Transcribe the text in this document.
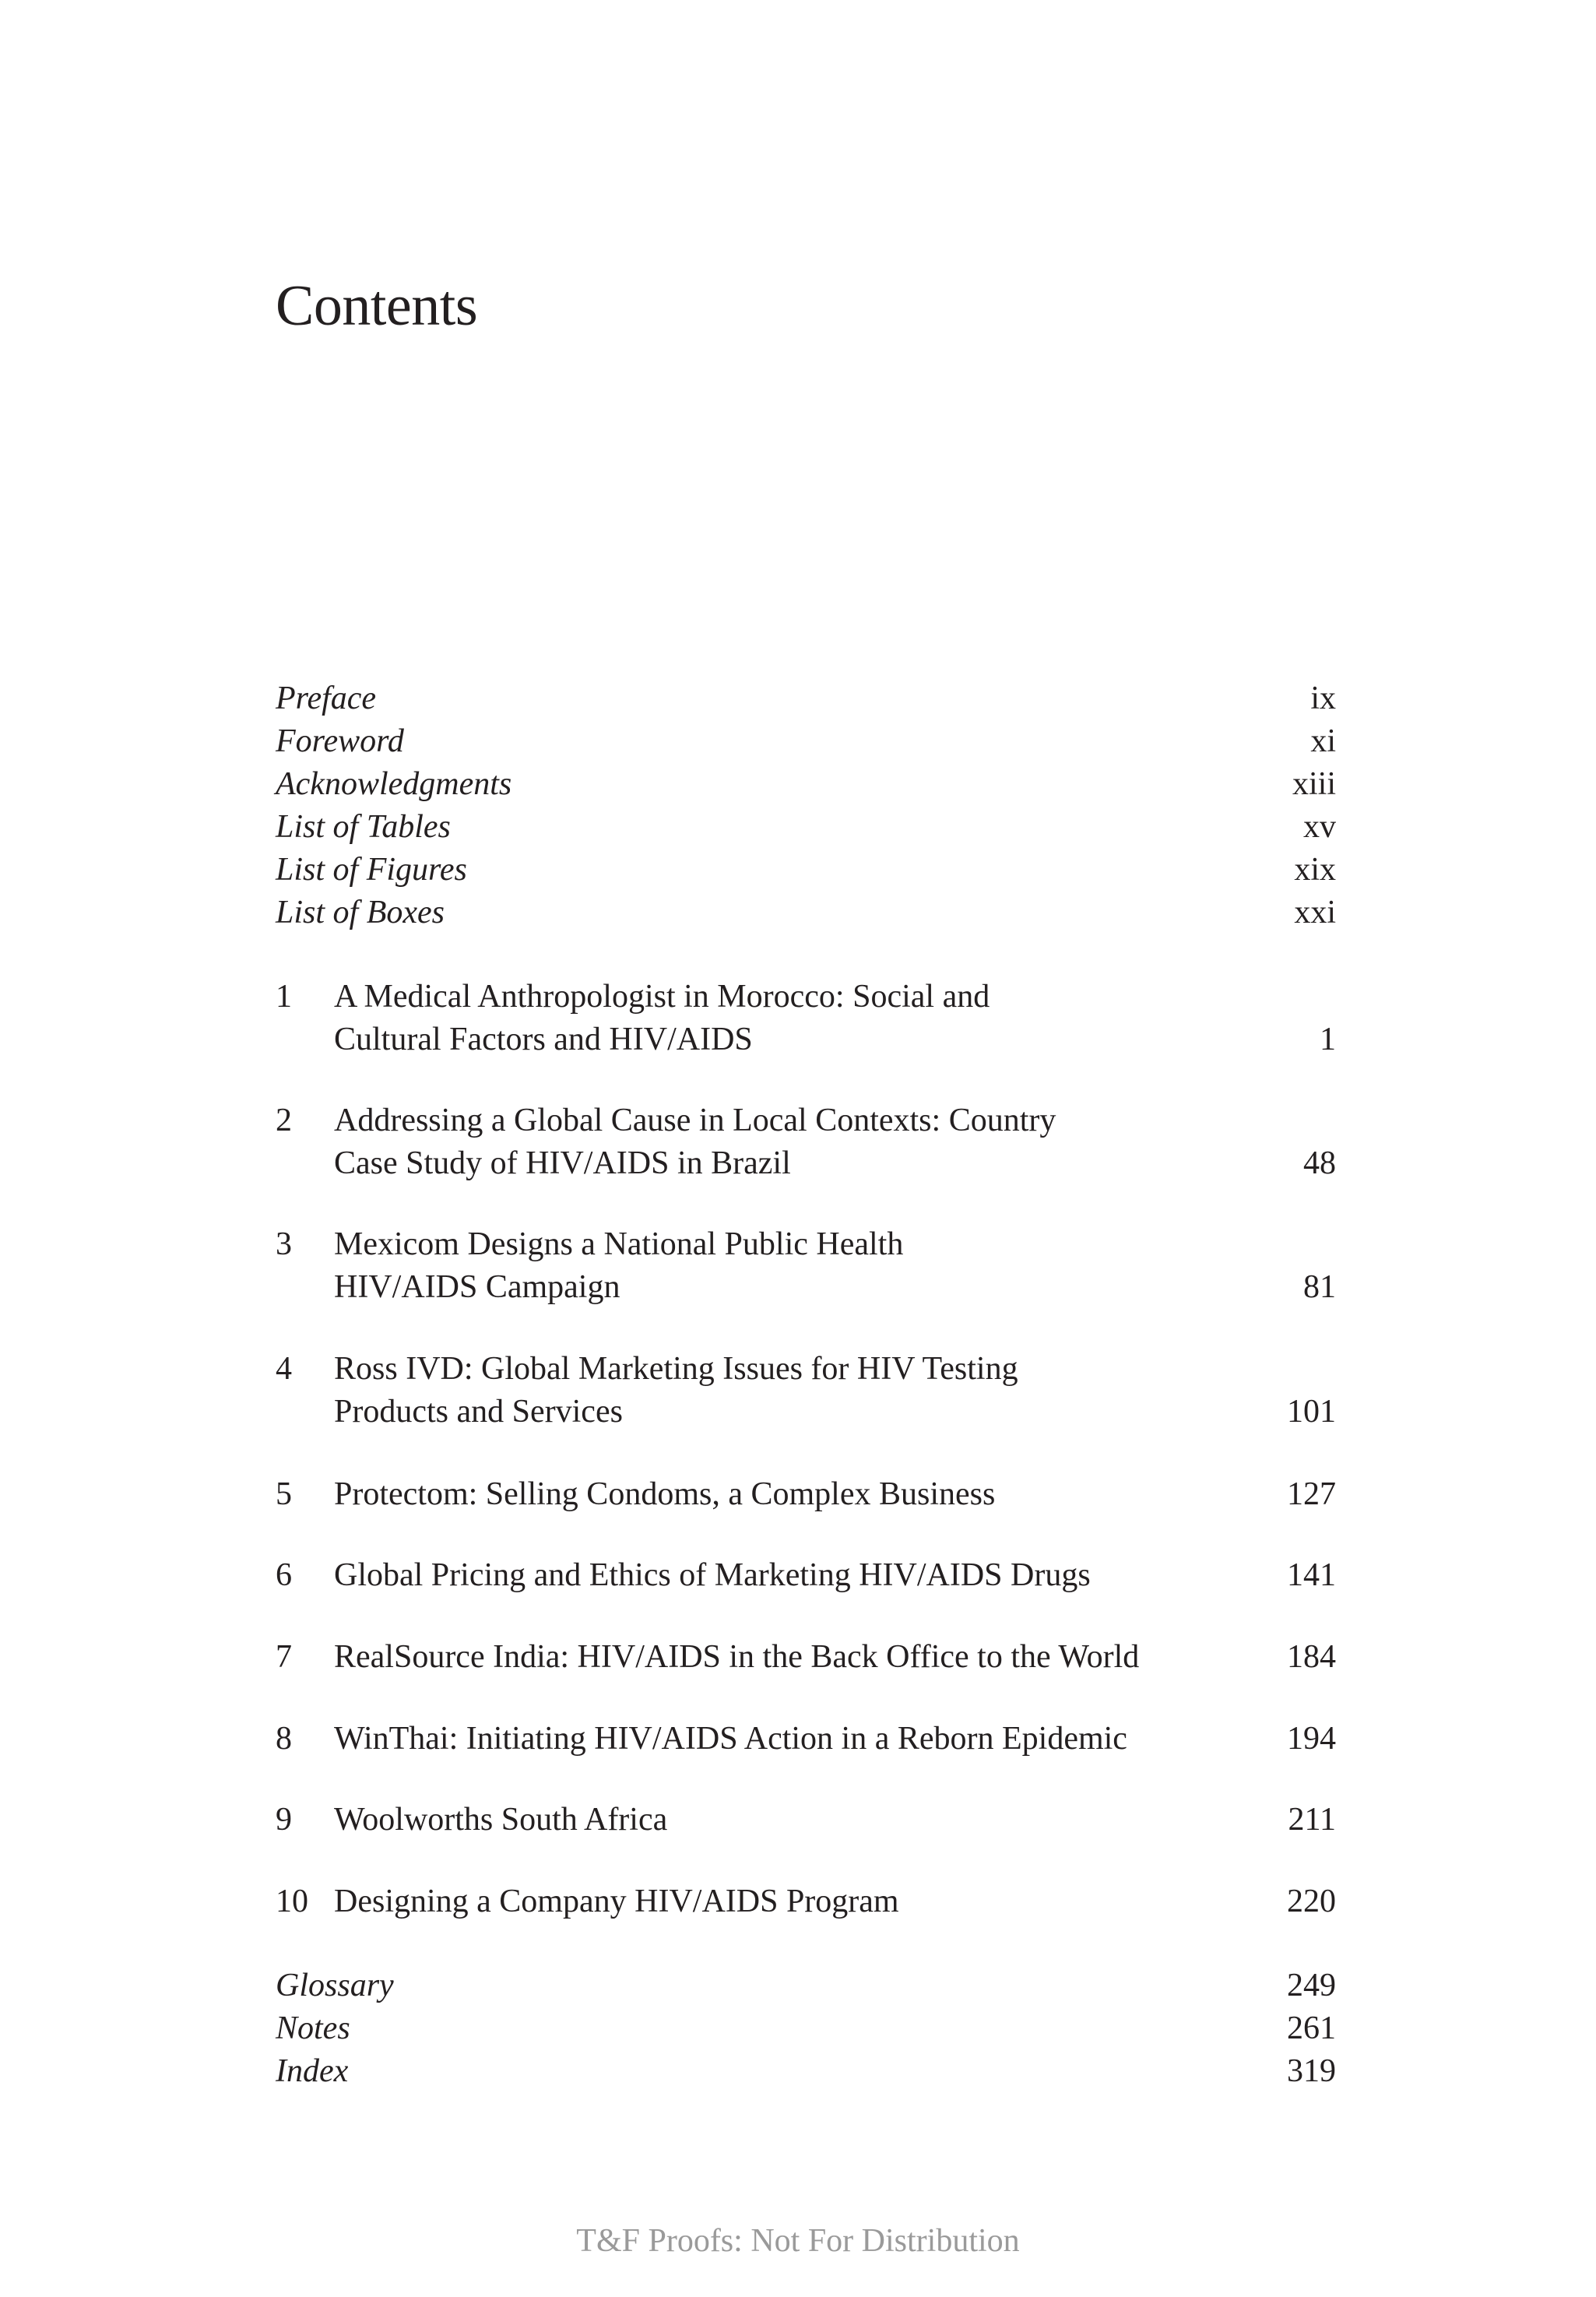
Contents
Preface	ix
Foreword	xi
Acknowledgments	xiii
List of Tables	xv
List of Figures	xix
List of Boxes	xxi
1	A Medical Anthropologist in Morocco: Social and
Cultural Factors and HIV/AIDS	1
2	Addressing a Global Cause in Local Contexts: Country
Case Study of HIV/AIDS in Brazil	48
3	Mexicom Designs a National Public Health
HIV/AIDS Campaign	81
4	Ross IVD: Global Marketing Issues for HIV Testing
Products and Services	101
5	Protectom: Selling Condoms, a Complex Business	127
6	Global Pricing and Ethics of Marketing HIV/AIDS Drugs	141
7	RealSource India: HIV/AIDS in the Back Office to the World	184
8	WinThai: Initiating HIV/AIDS Action in a Reborn Epidemic	194
9	Woolworths South Africa	211
10 Designing a Company HIV/AIDS Program	220
Glossary	249
Notes	261
Index	319
T&F Proofs: Not For Distribution
